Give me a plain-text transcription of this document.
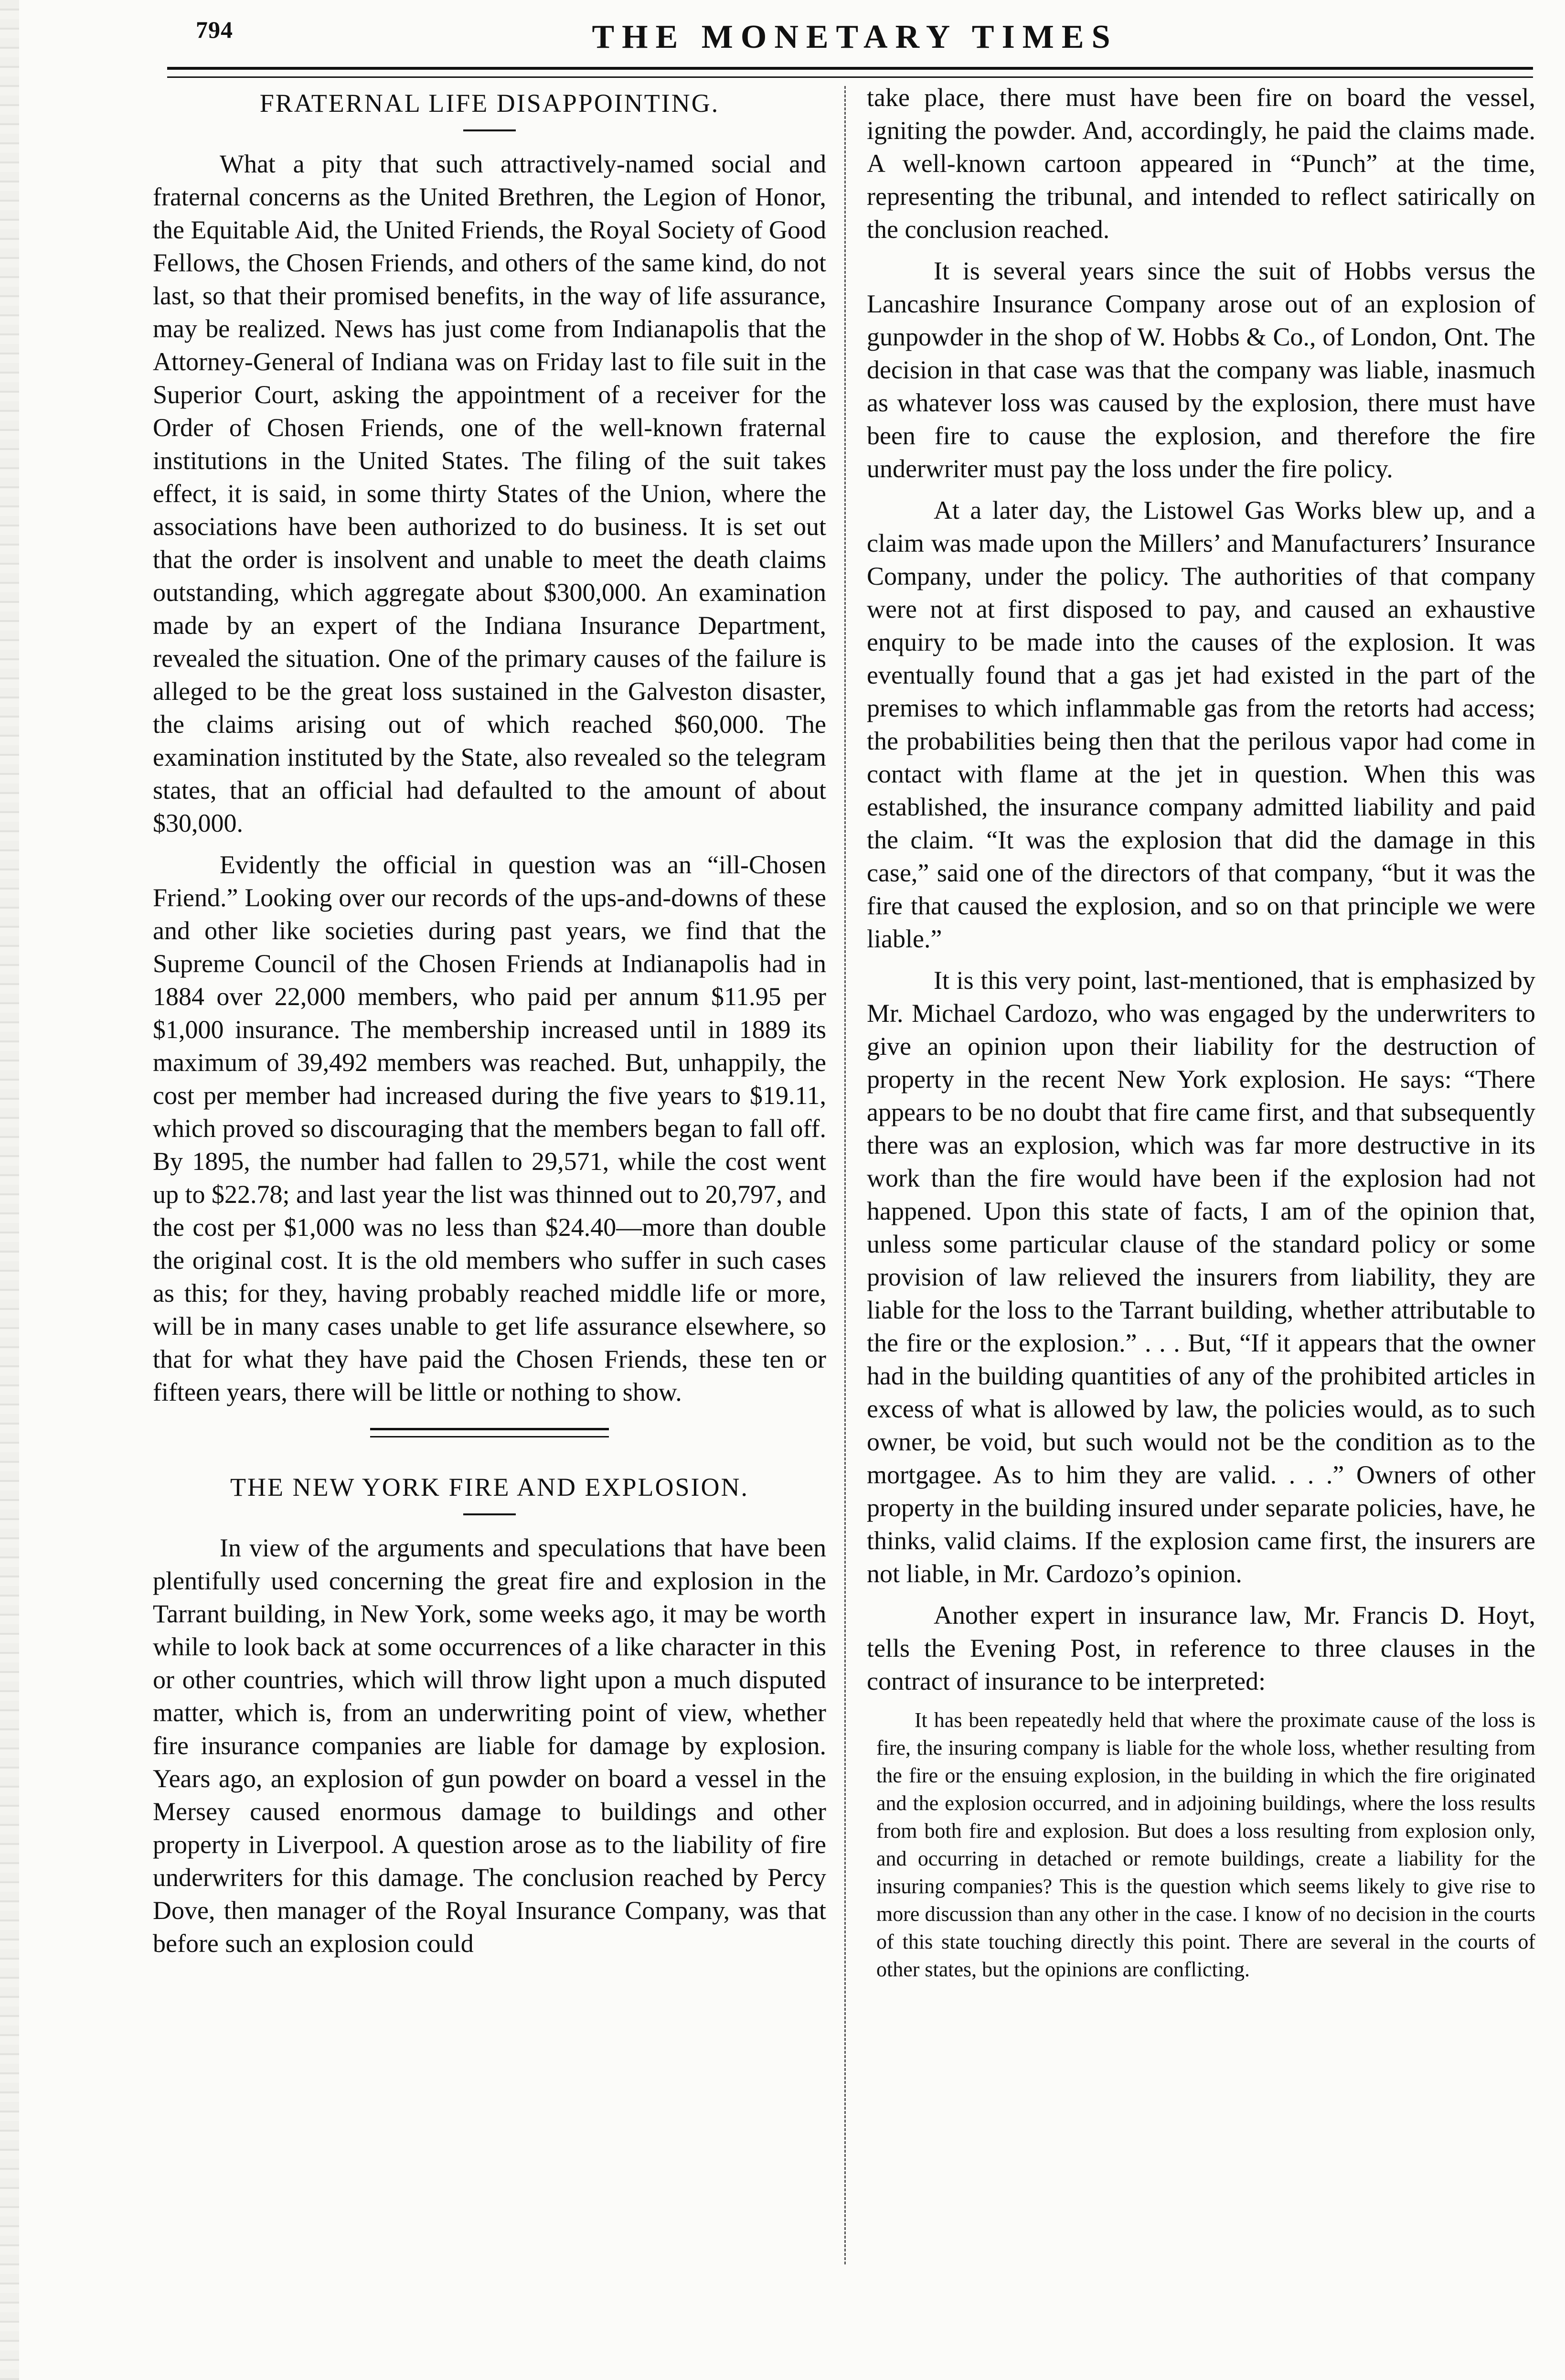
794	THE MONETARY TIMES
FRATERNAL LIFE DISAPPOINTING.

What a pity that such attractively-named social and fraternal concerns as the United Brethren, the Legion of Honor, the Equitable Aid, the United Friends, the Royal Society of Good Fellows, the Chosen Friends, and others of the same kind, do not last, so that their promised benefits, in the way of life assurance, may be realized. News has just come from Indianapolis that the Attorney-General of Indiana was on Friday last to file suit in the Superior Court, asking the appointment of a receiver for the Order of Chosen Friends, one of the well-known fraternal institutions in the United States. The filing of the suit takes effect, it is said, in some thirty States of the Union, where the associations have been authorized to do business. It is set out that the order is insolvent and unable to meet the death claims outstanding, which aggregate about $300,000. An examination made by an expert of the Indiana Insurance Department, revealed the situation. One of the primary causes of the failure is alleged to be the great loss sustained in the Galveston disaster, the claims arising out of which reached $60,000. The examination instituted by the State, also revealed so the telegram states, that an official had defaulted to the amount of about $30,000.

Evidently the official in question was an “ill-Chosen Friend.” Looking over our records of the ups-and-downs of these and other like societies during past years, we find that the Supreme Council of the Chosen Friends at Indianapolis had in 1884 over 22,000 members, who paid per annum $11.95 per $1,000 insurance. The membership increased until in 1889 its maximum of 39,492 members was reached. But, unhappily, the cost per member had increased during the five years to $19.11, which proved so discouraging that the members began to fall off. By 1895, the number had fallen to 29,571, while the cost went up to $22.78; and last year the list was thinned out to 20,797, and the cost per $1,000 was no less than $24.40—more than double the original cost. It is the old members who suffer in such cases as this; for they, having probably reached middle life or more, will be in many cases unable to get life assurance elsewhere, so that for what they have paid the Chosen Friends, these ten or fifteen years, there will be little or nothing to show.

THE NEW YORK FIRE AND EXPLOSION.

In view of the arguments and speculations that have been plentifully used concerning the great fire and explosion in the Tarrant building, in New York, some weeks ago, it may be worth while to look back at some occurrences of a like character in this or other countries, which will throw light upon a much disputed matter, which is, from an underwriting point of view, whether fire insurance companies are liable for damage by explosion. Years ago, an explosion of gun powder on board a vessel in the Mersey caused enormous damage to buildings and other property in Liverpool. A question arose as to the liability of fire underwriters for this damage. The conclusion reached by Percy Dove, then manager of the Royal Insurance Company, was that before such an explosion could

take place, there must have been fire on board the vessel, igniting the powder. And, accordingly, he paid the claims made. A well-known cartoon appeared in “Punch” at the time, representing the tribunal, and intended to reflect satirically on the conclusion reached.

It is several years since the suit of Hobbs versus the Lancashire Insurance Company arose out of an explosion of gunpowder in the shop of W. Hobbs & Co., of London, Ont. The decision in that case was that the company was liable, inasmuch as whatever loss was caused by the explosion, there must have been fire to cause the explosion, and therefore the fire underwriter must pay the loss under the fire policy.

At a later day, the Listowel Gas Works blew up, and a claim was made upon the Millers’ and Manufacturers’ Insurance Company, under the policy. The authorities of that company were not at first disposed to pay, and caused an exhaustive enquiry to be made into the causes of the explosion. It was eventually found that a gas jet had existed in the part of the premises to which inflammable gas from the retorts had access; the probabilities being then that the perilous vapor had come in contact with flame at the jet in question. When this was established, the insurance company admitted liability and paid the claim. “It was the explosion that did the damage in this case,” said one of the directors of that company, “but it was the fire that caused the explosion, and so on that principle we were liable.”

It is this very point, last-mentioned, that is emphasized by Mr. Michael Cardozo, who was engaged by the underwriters to give an opinion upon their liability for the destruction of property in the recent New York explosion. He says: “There appears to be no doubt that fire came first, and that subsequently there was an explosion, which was far more destructive in its work than the fire would have been if the explosion had not happened. Upon this state of facts, I am of the opinion that, unless some particular clause of the standard policy or some provision of law relieved the insurers from liability, they are liable for the loss to the Tarrant building, whether attributable to the fire or the explosion.” . . . But, “If it appears that the owner had in the building quantities of any of the prohibited articles in excess of what is allowed by law, the policies would, as to such owner, be void, but such would not be the condition as to the mortgagee. As to him they are valid. . . .” Owners of other property in the building insured under separate policies, have, he thinks, valid claims. If the explosion came first, the insurers are not liable, in Mr. Cardozo’s opinion.

Another expert in insurance law, Mr. Francis D. Hoyt, tells the Evening Post, in reference to three clauses in the contract of insurance to be interpreted:

It has been repeatedly held that where the proximate cause of the loss is fire, the insuring company is liable for the whole loss, whether resulting from the fire or the ensuing explosion, in the building in which the fire originated and the explosion occurred, and in adjoining buildings, where the loss results from both fire and explosion. But does a loss resulting from explosion only, and occurring in detached or remote buildings, create a liability for the insuring companies? This is the question which seems likely to give rise to more discussion than any other in the case. I know of no decision in the courts of this state touching directly this point. There are several in the courts of other states, but the opinions are conflicting.
